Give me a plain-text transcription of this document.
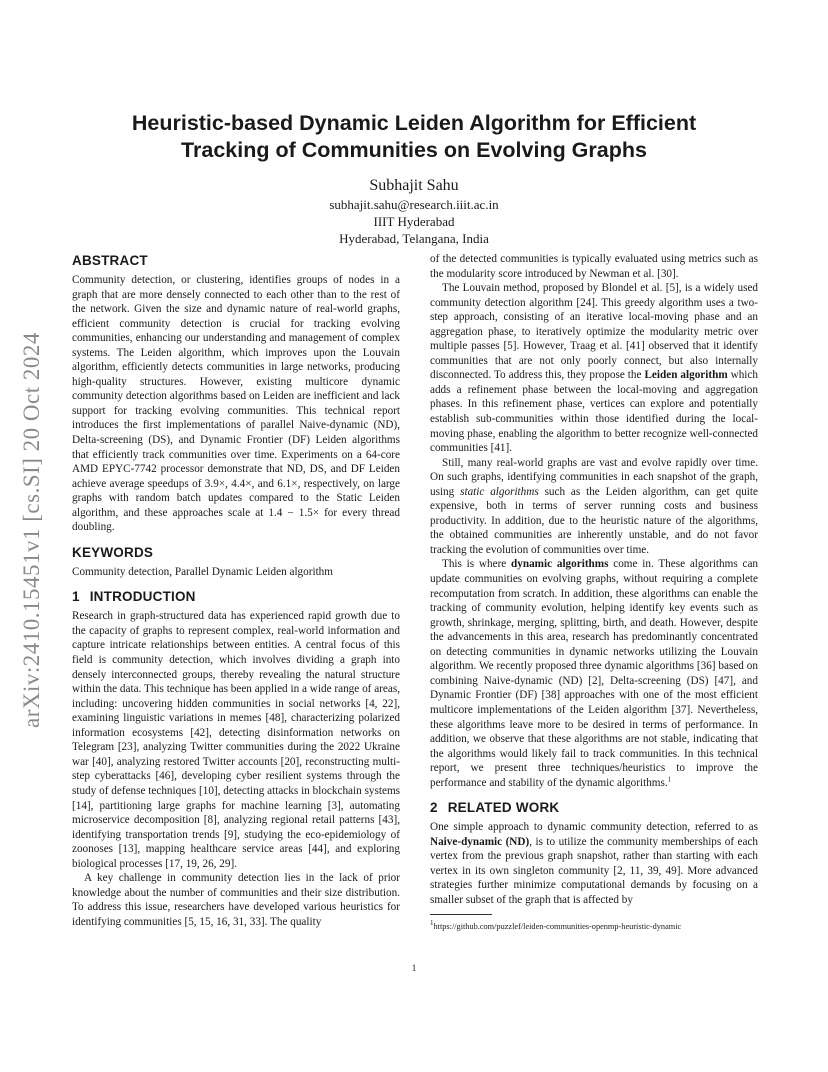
arXiv:2410.15451v1 [cs.SI] 20 Oct 2024
Heuristic-based Dynamic Leiden Algorithm for Efficient
Tracking of Communities on Evolving Graphs
Subhajit Sahu
subhajit.sahu@research.iiit.ac.in
IIIT Hyderabad
Hyderabad, Telangana, India
ABSTRACT

Community detection, or clustering, identifies groups of nodes in a graph that are more densely connected to each other than to the rest of the network. Given the size and dynamic nature of real-world graphs, efficient community detection is crucial for tracking evolving communities, enhancing our understanding and management of complex systems. The Leiden algorithm, which improves upon the Louvain algorithm, efficiently detects communities in large networks, producing high-quality structures. However, existing multicore dynamic community detection algorithms based on Leiden are inefficient and lack support for tracking evolving communities. This technical report introduces the first implementations of parallel Naive-dynamic (ND), Delta-screening (DS), and Dynamic Frontier (DF) Leiden algorithms that efficiently track communities over time. Experiments on a 64-core AMD EPYC-7742 processor demonstrate that ND, DS, and DF Leiden achieve average speedups of 3.9×, 4.4×, and 6.1×, respectively, on large graphs with random batch updates compared to the Static Leiden algorithm, and these approaches scale at 1.4 − 1.5× for every thread doubling.

KEYWORDS

Community detection, Parallel Dynamic Leiden algorithm

1 INTRODUCTION

Research in graph-structured data has experienced rapid growth due to the capacity of graphs to represent complex, real-world information and capture intricate relationships between entities. A central focus of this field is community detection, which involves dividing a graph into densely interconnected groups, thereby revealing the natural structure within the data. This technique has been applied in a wide range of areas, including: uncovering hidden communities in social networks [4, 22], examining linguistic variations in memes [48], characterizing polarized information ecosystems [42], detecting disinformation networks on Telegram [23], analyzing Twitter communities during the 2022 Ukraine war [40], analyzing restored Twitter accounts [20], reconstructing multi-step cyberattacks [46], developing cyber resilient systems through the study of defense techniques [10], detecting attacks in blockchain systems [14], partitioning large graphs for machine learning [3], automating microservice decomposition [8], analyzing regional retail patterns [43], identifying transportation trends [9], studying the eco-epidemiology of zoonoses [13], mapping healthcare service areas [44], and exploring biological processes [17, 19, 26, 29].

A key challenge in community detection lies in the lack of prior knowledge about the number of communities and their size distribution. To address this issue, researchers have developed various heuristics for identifying communities [5, 15, 16, 31, 33]. The quality

of the detected communities is typically evaluated using metrics such as the modularity score introduced by Newman et al. [30].

The Louvain method, proposed by Blondel et al. [5], is a widely used community detection algorithm [24]. This greedy algorithm uses a two-step approach, consisting of an iterative local-moving phase and an aggregation phase, to iteratively optimize the modularity metric over multiple passes [5]. However, Traag et al. [41] observed that it identify communities that are not only poorly connect, but also internally disconnected. To address this, they propose the Leiden algorithm which adds a refinement phase between the local-moving and aggregation phases. In this refinement phase, vertices can explore and potentially establish sub-communities within those identified during the local-moving phase, enabling the algorithm to better recognize well-connected communities [41].

Still, many real-world graphs are vast and evolve rapidly over time. On such graphs, identifying communities in each snapshot of the graph, using static algorithms such as the Leiden algorithm, can get quite expensive, both in terms of server running costs and business productivity. In addition, due to the heuristic nature of the algorithms, the obtained communities are inherently unstable, and do not favor tracking the evolution of communities over time.

This is where dynamic algorithms come in. These algorithms can update communities on evolving graphs, without requiring a complete recomputation from scratch. In addition, these algorithms can enable the tracking of community evolution, helping identify key events such as growth, shrinkage, merging, splitting, birth, and death. However, despite the advancements in this area, research has predominantly concentrated on detecting communities in dynamic networks utilizing the Louvain algorithm. We recently proposed three dynamic algorithms [36] based on combining Naive-dynamic (ND) [2], Delta-screening (DS) [47], and Dynamic Frontier (DF) [38] approaches with one of the most efficient multicore implementations of the Leiden algorithm [37]. Nevertheless, these algorithms leave more to be desired in terms of performance. In addition, we observe that these algorithms are not stable, indicating that the algorithms would likely fail to track communities. In this technical report, we present three techniques/heuristics to improve the performance and stability of the dynamic algorithms.$^1$

2 RELATED WORK

One simple approach to dynamic community detection, referred to as Naive-dynamic (ND), is to utilize the community memberships of each vertex from the previous graph snapshot, rather than starting with each vertex in its own singleton community [2, 11, 39, 49]. More advanced strategies further minimize computational demands by focusing on a smaller subset of the graph that is affected by

$^1$https://github.com/puzzlef/leiden-communities-openmp-heuristic-dynamic
1
